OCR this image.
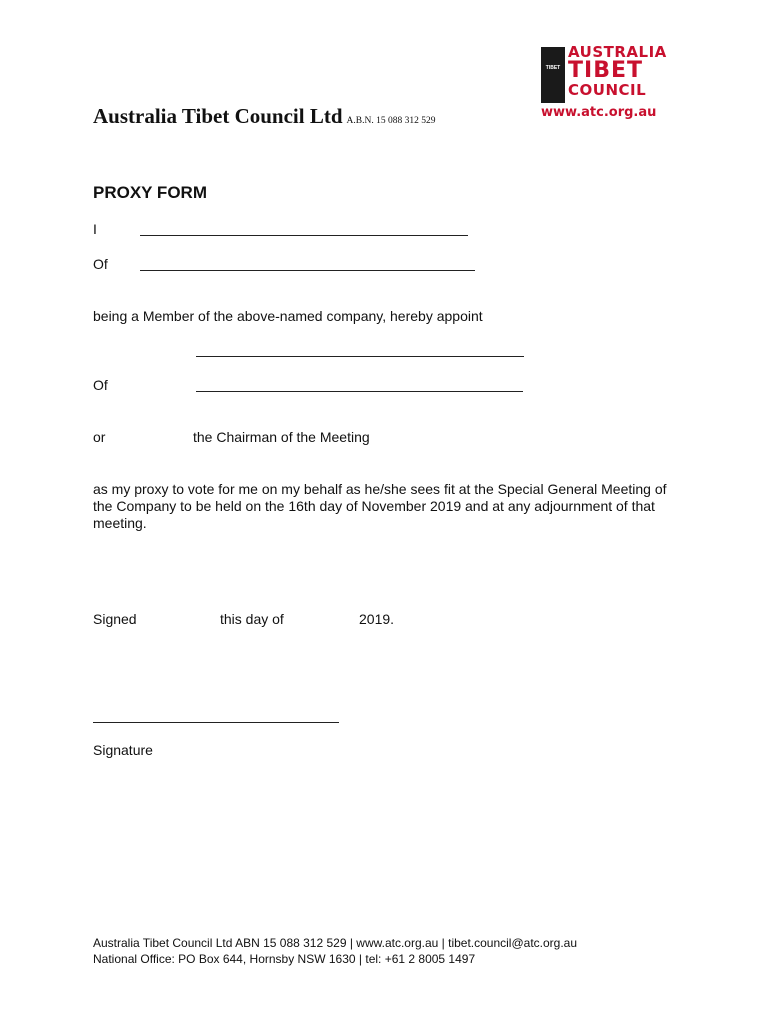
Australia Tibet Council Ltd A.B.N. 15 088 312 529
TIBET
AUSTRALIA
TIBET
COUNCIL
www.atc.org.au
PROXY FORM
I
Of
being a Member of the above-named company, hereby appoint
Of
or	the Chairman of the Meeting
as my proxy to vote for me on my behalf as he/she sees fit at the Special General Meeting of the Company to be held on the 16th day of November 2019 and at any adjournment of that meeting.
Signed	this day of	2019.
Signature
Australia Tibet Council Ltd ABN 15 088 312 529 | www.atc.org.au | tibet.council@atc.org.au
National Office: PO Box 644, Hornsby NSW 1630 | tel: +61 2 8005 1497
